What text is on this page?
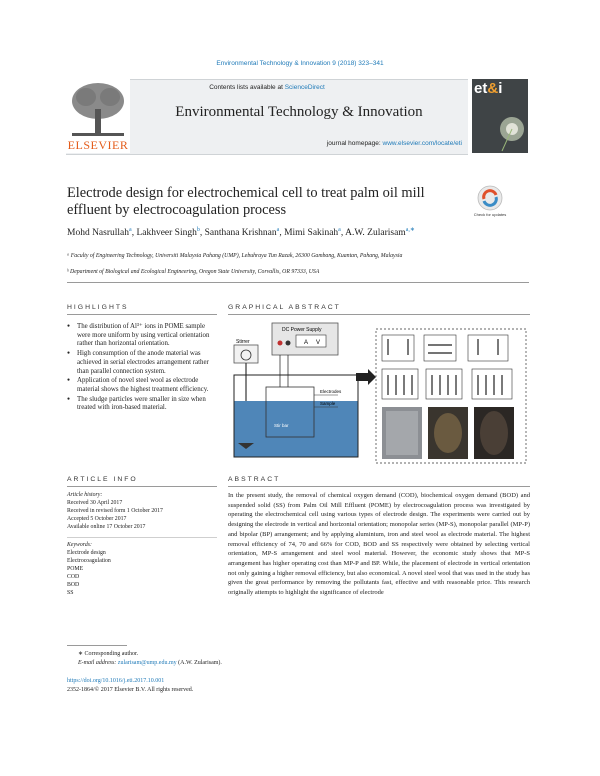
Environmental Technology & Innovation 9 (2018) 323–341
ELSEVIER
Contents lists available at ScienceDirect
Environmental Technology & Innovation
journal homepage: www.elsevier.com/locate/eti
et&i
Electrode design for electrochemical cell to treat palm oil mill effluent by electrocoagulation process	Check for updates
Mohd Nasrullah$^a$, Lakhveer Singh$^b$, Santhana Krishnan$^a$, Mimi Sakinah$^a$, A.W. Zularisam$^{a,∗}$
ᵃ Faculty of Engineering Technology, Universiti Malaysia Pahang (UMP), Lebuhraya Tun Razak, 26300 Gambang, Kuantan, Pahang, Malaysia
ᵇ Department of Biological and Ecological Engineering, Oregon State University, Corvallis, OR 97333, USA
HIGHLIGHTS
● The distribution of Al³⁺ ions in POME sample were more uniform by using vertical orientation rather than horizontal orientation.
● High consumption of the anode material was achieved in serial electrodes arrangement rather than parallel connection system.
● Application of novel steel wool as electrode material shows the highest treatment efficiency.
● The sludge particles were smaller in size when treated with iron-based material.
GRAPHICAL ABSTRACT
DC Power Supply
A V
Stirrer
Stir bar
Electrodes
Sample
ARTICLE INFO
Article history:
Received 30 April 2017
Received in revised form 1 October 2017
Accepted 5 October 2017
Available online 17 October 2017
Keywords:
Electrode design
Electrocoagulation
POME
COD
BOD
SS
ABSTRACT
In the present study, the removal of chemical oxygen demand (COD), biochemical oxygen demand (BOD) and suspended solid (SS) from Palm Oil Mill Effluent (POME) by electrocoagulation process was investigated by operating the electrochemical cell using various types of electrode design. The experiments were carried out by designing the electrode in vertical and horizontal orientation; monopolar series (MP-S), monopolar parallel (MP-P) and bipolar (BP) arrangement; and by applying aluminium, iron and steel wool as electrode material. The highest removal efficiency of 74, 70 and 66% for COD, BOD and SS respectively were obtained by selecting vertical orientation, MP-S arrangement and steel wool material. However, the economic study shows that MP-S arrangement has higher operating cost than MP-P and BP. While, the placement of electrode in vertical orientation not only gaining a higher removal efficiency, but also economical. A novel steel wool that was used in the study has given the great performance by removing the pollutants fast, effective and with reasonable price. This research originally attempts to highlight the significance of electrode
∗ Corresponding author.
E-mail address: zularisam@ump.edu.my (A.W. Zularisam).
https://doi.org/10.1016/j.eti.2017.10.001
2352-1864/© 2017 Elsevier B.V. All rights reserved.
